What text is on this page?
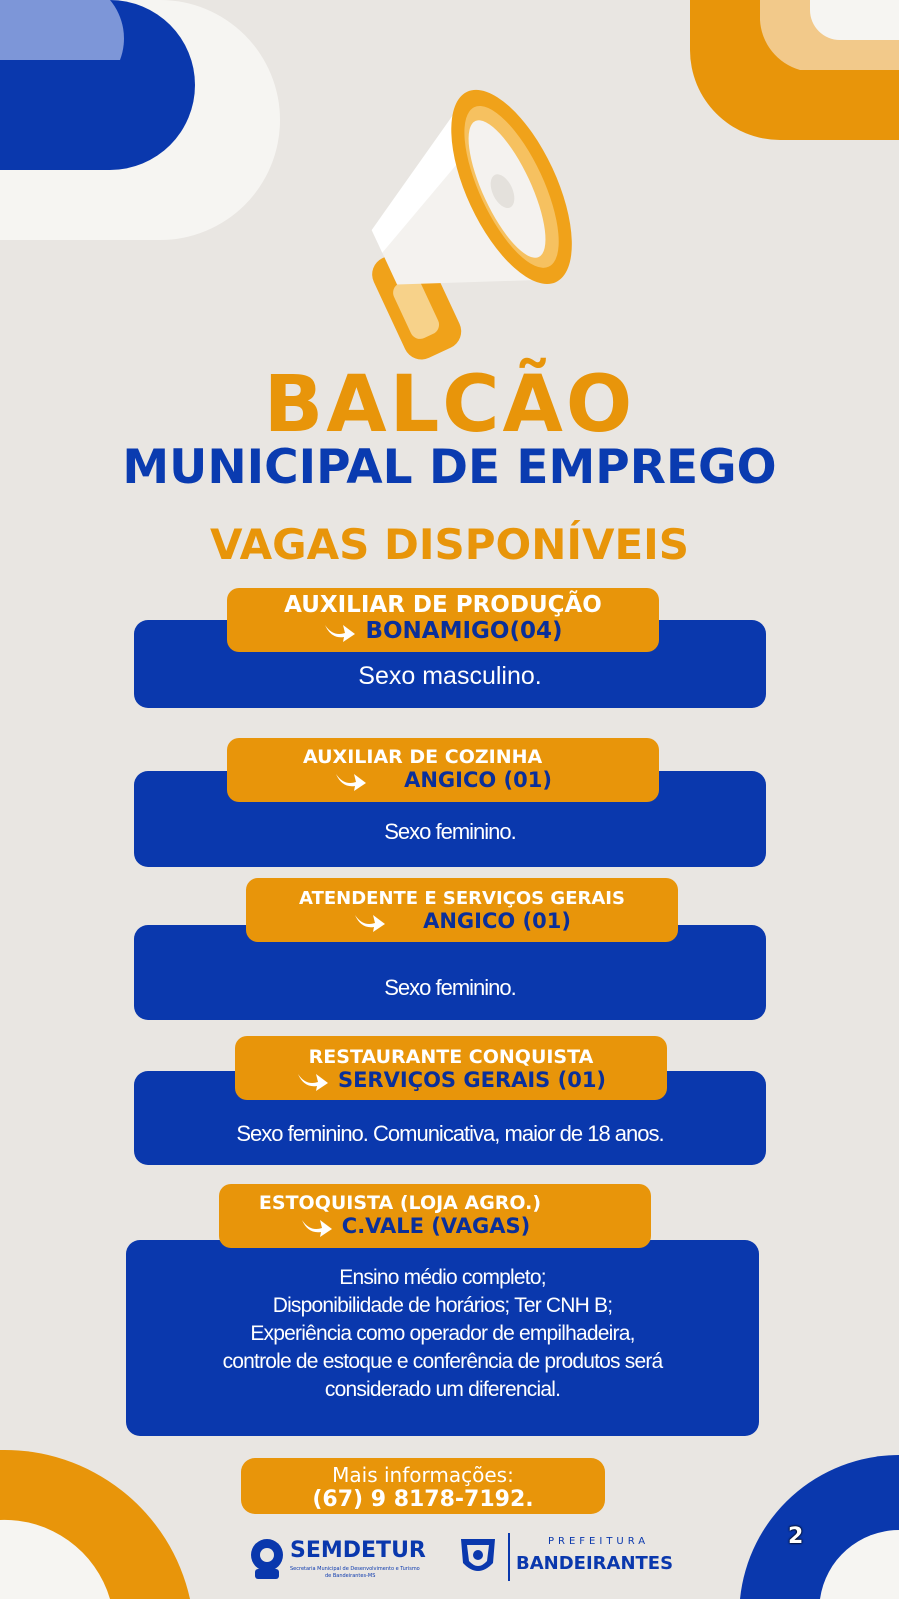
BALCÃO
MUNICIPAL DE EMPREGO
VAGAS DISPONÍVEIS
Sexo masculino.
AUXILIAR DE PRODUÇÃO
BONAMIGO(04)
Sexo feminino.
AUXILIAR DE COZINHA
ANGICO (01)
Sexo feminino.
ATENDENTE E SERVIÇOS GERAIS
ANGICO (01)
Sexo feminino. Comunicativa, maior de 18 anos.
RESTAURANTE CONQUISTA
SERVIÇOS GERAIS (01)
Ensino médio completo;
Disponibilidade de horários; Ter CNH B;
Experiência como operador de empilhadeira,
controle de estoque e conferência de produtos será
considerado um diferencial.
ESTOQUISTA (LOJA AGRO.)
C.VALE (VAGAS)
Mais informações:
(67) 9 8178-7192.
SEMDETUR
Secretaria Municipal de Desenvolvimento e Turismo
de Bandeirantes-MS
PREFEITURA
BANDEIRANTES
2
